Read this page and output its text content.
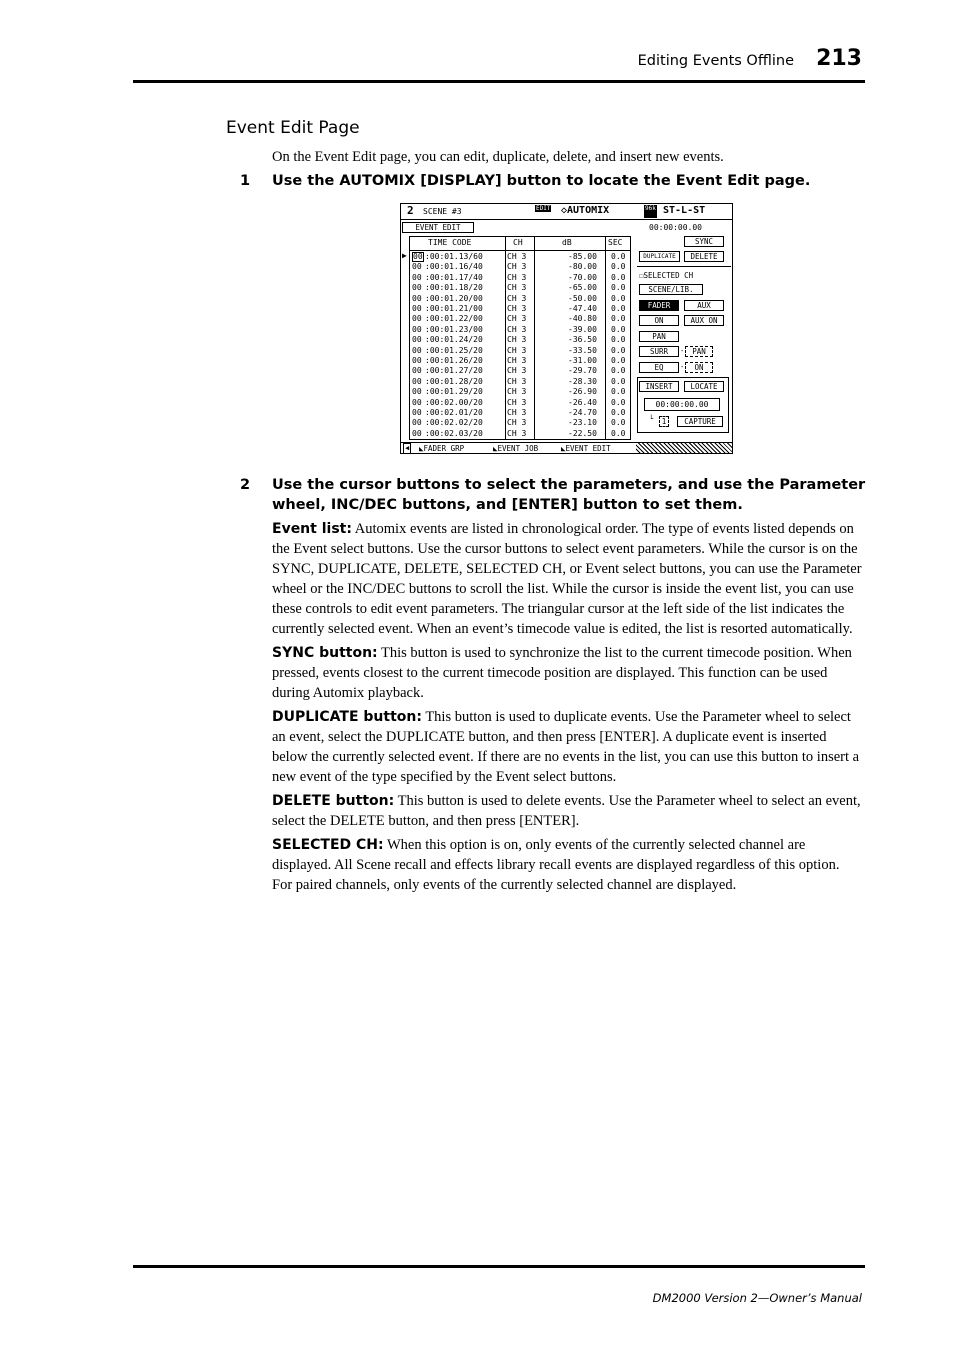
Editing Events Offline 213
Event Edit Page
On the Event Edit page, you can edit, duplicate, delete, and insert new events.
1 Use the AUTOMIX [DISPLAY] button to locate the Event Edit page.
2 SCENE #3	EDIT ◇AUTOMIX	96k ST-L-ST
EVENT EDIT	00:00:00.00
▶
TIME CODE	CH	dB	SEC
00 :00:01.13/60	CH 3	-85.00 0.0
00 :00:01.16/40	CH 3	-80.00 0.0
00 :00:01.17/40	CH 3	-70.00 0.0
00 :00:01.18/20	CH 3	-65.00 0.0
00 :00:01.20/00	CH 3	-50.00 0.0
00 :00:01.21/00	CH 3	-47.40 0.0
00 :00:01.22/00	CH 3	-40.80 0.0
00 :00:01.23/00	CH 3	-39.00 0.0
00 :00:01.24/20	CH 3	-36.50 0.0
00 :00:01.25/20	CH 3	-33.50 0.0
00 :00:01.26/20	CH 3	-31.00 0.0
00 :00:01.27/20	CH 3	-29.70 0.0
00 :00:01.28/20	CH 3	-28.30 0.0
00 :00:01.29/20	CH 3	-26.90 0.0
00 :00:02.00/20	CH 3	-26.40 0.0
00 :00:02.01/20	CH 3	-24.70 0.0
00 :00:02.02/20	CH 3	-23.10 0.0
00 :00:02.03/20	CH 3	-22.50 0.0
SYNC
DUPLICATE	DELETE
☐SELECTED CH
SCENE/LIB.
FADER	AUX
ON	AUX ON
PAN
SURR	-	PAN
EQ	-	ON
INSERT	LOCATE
00:00:00.00
└	1	CAPTURE
◀ ◣FADER GRP	◣EVENT JOB	◣EVENT EDIT
2 Use the cursor buttons to select the parameters, and use the Parameter wheel, INC/DEC buttons, and [ENTER] button to set them.

Event list: Automix events are listed in chronological order. The type of events listed depends on the Event select buttons. Use the cursor buttons to select event parameters. While the cursor is on the SYNC, DUPLICATE, DELETE, SELECTED CH, or Event select buttons, you can use the Parameter wheel or the INC/DEC buttons to scroll the list. While the cursor is inside the event list, you can use these controls to edit event parameters. The triangular cursor at the left side of the list indicates the currently selected event. When an event’s timecode value is edited, the list is resorted automatically.

SYNC button: This button is used to synchronize the list to the current timecode position. When pressed, events closest to the current timecode position are displayed. This function can be used during Automix playback.

DUPLICATE button: This button is used to duplicate events. Use the Parameter wheel to select an event, select the DUPLICATE button, and then press [ENTER]. A duplicate event is inserted below the currently selected event. If there are no events in the list, you can use this button to insert a new event of the type specified by the Event select buttons.

DELETE button: This button is used to delete events. Use the Parameter wheel to select an event, select the DELETE button, and then press [ENTER].

SELECTED CH: When this option is on, only events of the currently selected channel are displayed. All Scene recall and effects library recall events are displayed regardless of this option. For paired channels, only events of the currently selected channel are displayed.

DM2000 Version 2—Owner’s Manual
